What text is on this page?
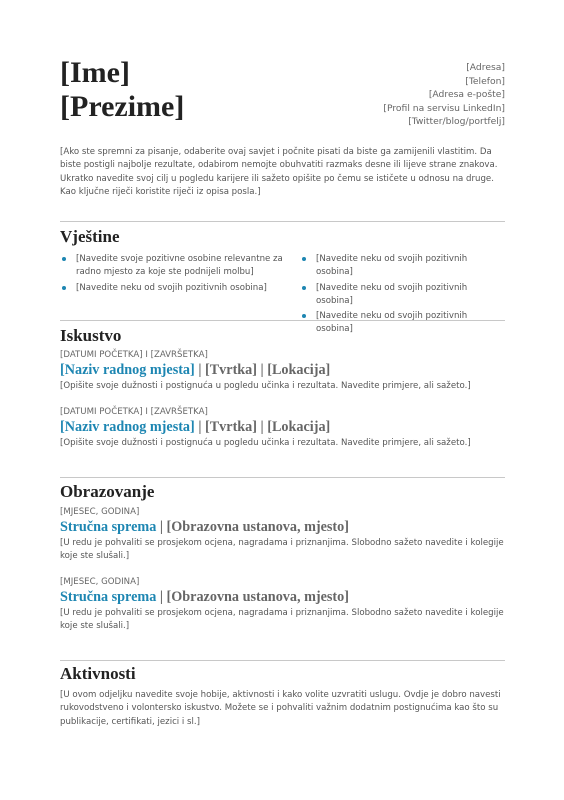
[Ime]
[Prezime]
[Adresa]
[Telefon]
[Adresa e-pošte]
[Profil na servisu LinkedIn]
[Twitter/blog/portfelj]
[Ako ste spremni za pisanje, odaberite ovaj savjet i počnite pisati da biste ga zamijenili vlastitim. Da biste postigli najbolje rezultate, odabirom nemojte obuhvatiti razmaks desne ili lijeve strane znakova. Ukratko navedite svoj cilj u pogledu karijere ili sažeto opišite po čemu se ističete u odnosu na druge. Kao ključne riječi koristite riječi iz opisa posla.]
Vještine
[Navedite svoje pozitivne osobine relevantne za radno mjesto za koje ste podnijeli molbu]
[Navedite neku od svojih pozitivnih osobina]
[Navedite neku od svojih pozitivnih osobina]
[Navedite neku od svojih pozitivnih osobina]
[Navedite neku od svojih pozitivnih osobina]
Iskustvo
[DATUMI POČETKA] I [ZAVRŠETKA]
[Naziv radnog mjesta] | [Tvrtka] | [Lokacija]
[Opišite svoje dužnosti i postignuća u pogledu učinka i rezultata. Navedite primjere, ali sažeto.]
[DATUMI POČETKA] I [ZAVRŠETKA]
[Naziv radnog mjesta] | [Tvrtka] | [Lokacija]
[Opišite svoje dužnosti i postignuća u pogledu učinka i rezultata. Navedite primjere, ali sažeto.]
Obrazovanje
[MJESEC, GODINA]
Stručna sprema | [Obrazovna ustanova, mjesto]
[U redu je pohvaliti se prosjekom ocjena, nagradama i priznanjima. Slobodno sažeto navedite i kolegije koje ste slušali.]
[MJESEC, GODINA]
Stručna sprema | [Obrazovna ustanova, mjesto]
[U redu je pohvaliti se prosjekom ocjena, nagradama i priznanjima. Slobodno sažeto navedite i kolegije koje ste slušali.]
Aktivnosti
[U ovom odjeljku navedite svoje hobije, aktivnosti i kako volite uzvratiti uslugu. Ovdje je dobro navesti rukovodstveno i volontersko iskustvo. Možete se i pohvaliti važnim dodatnim postignućima kao što su publikacije, certifikati, jezici i sl.]
